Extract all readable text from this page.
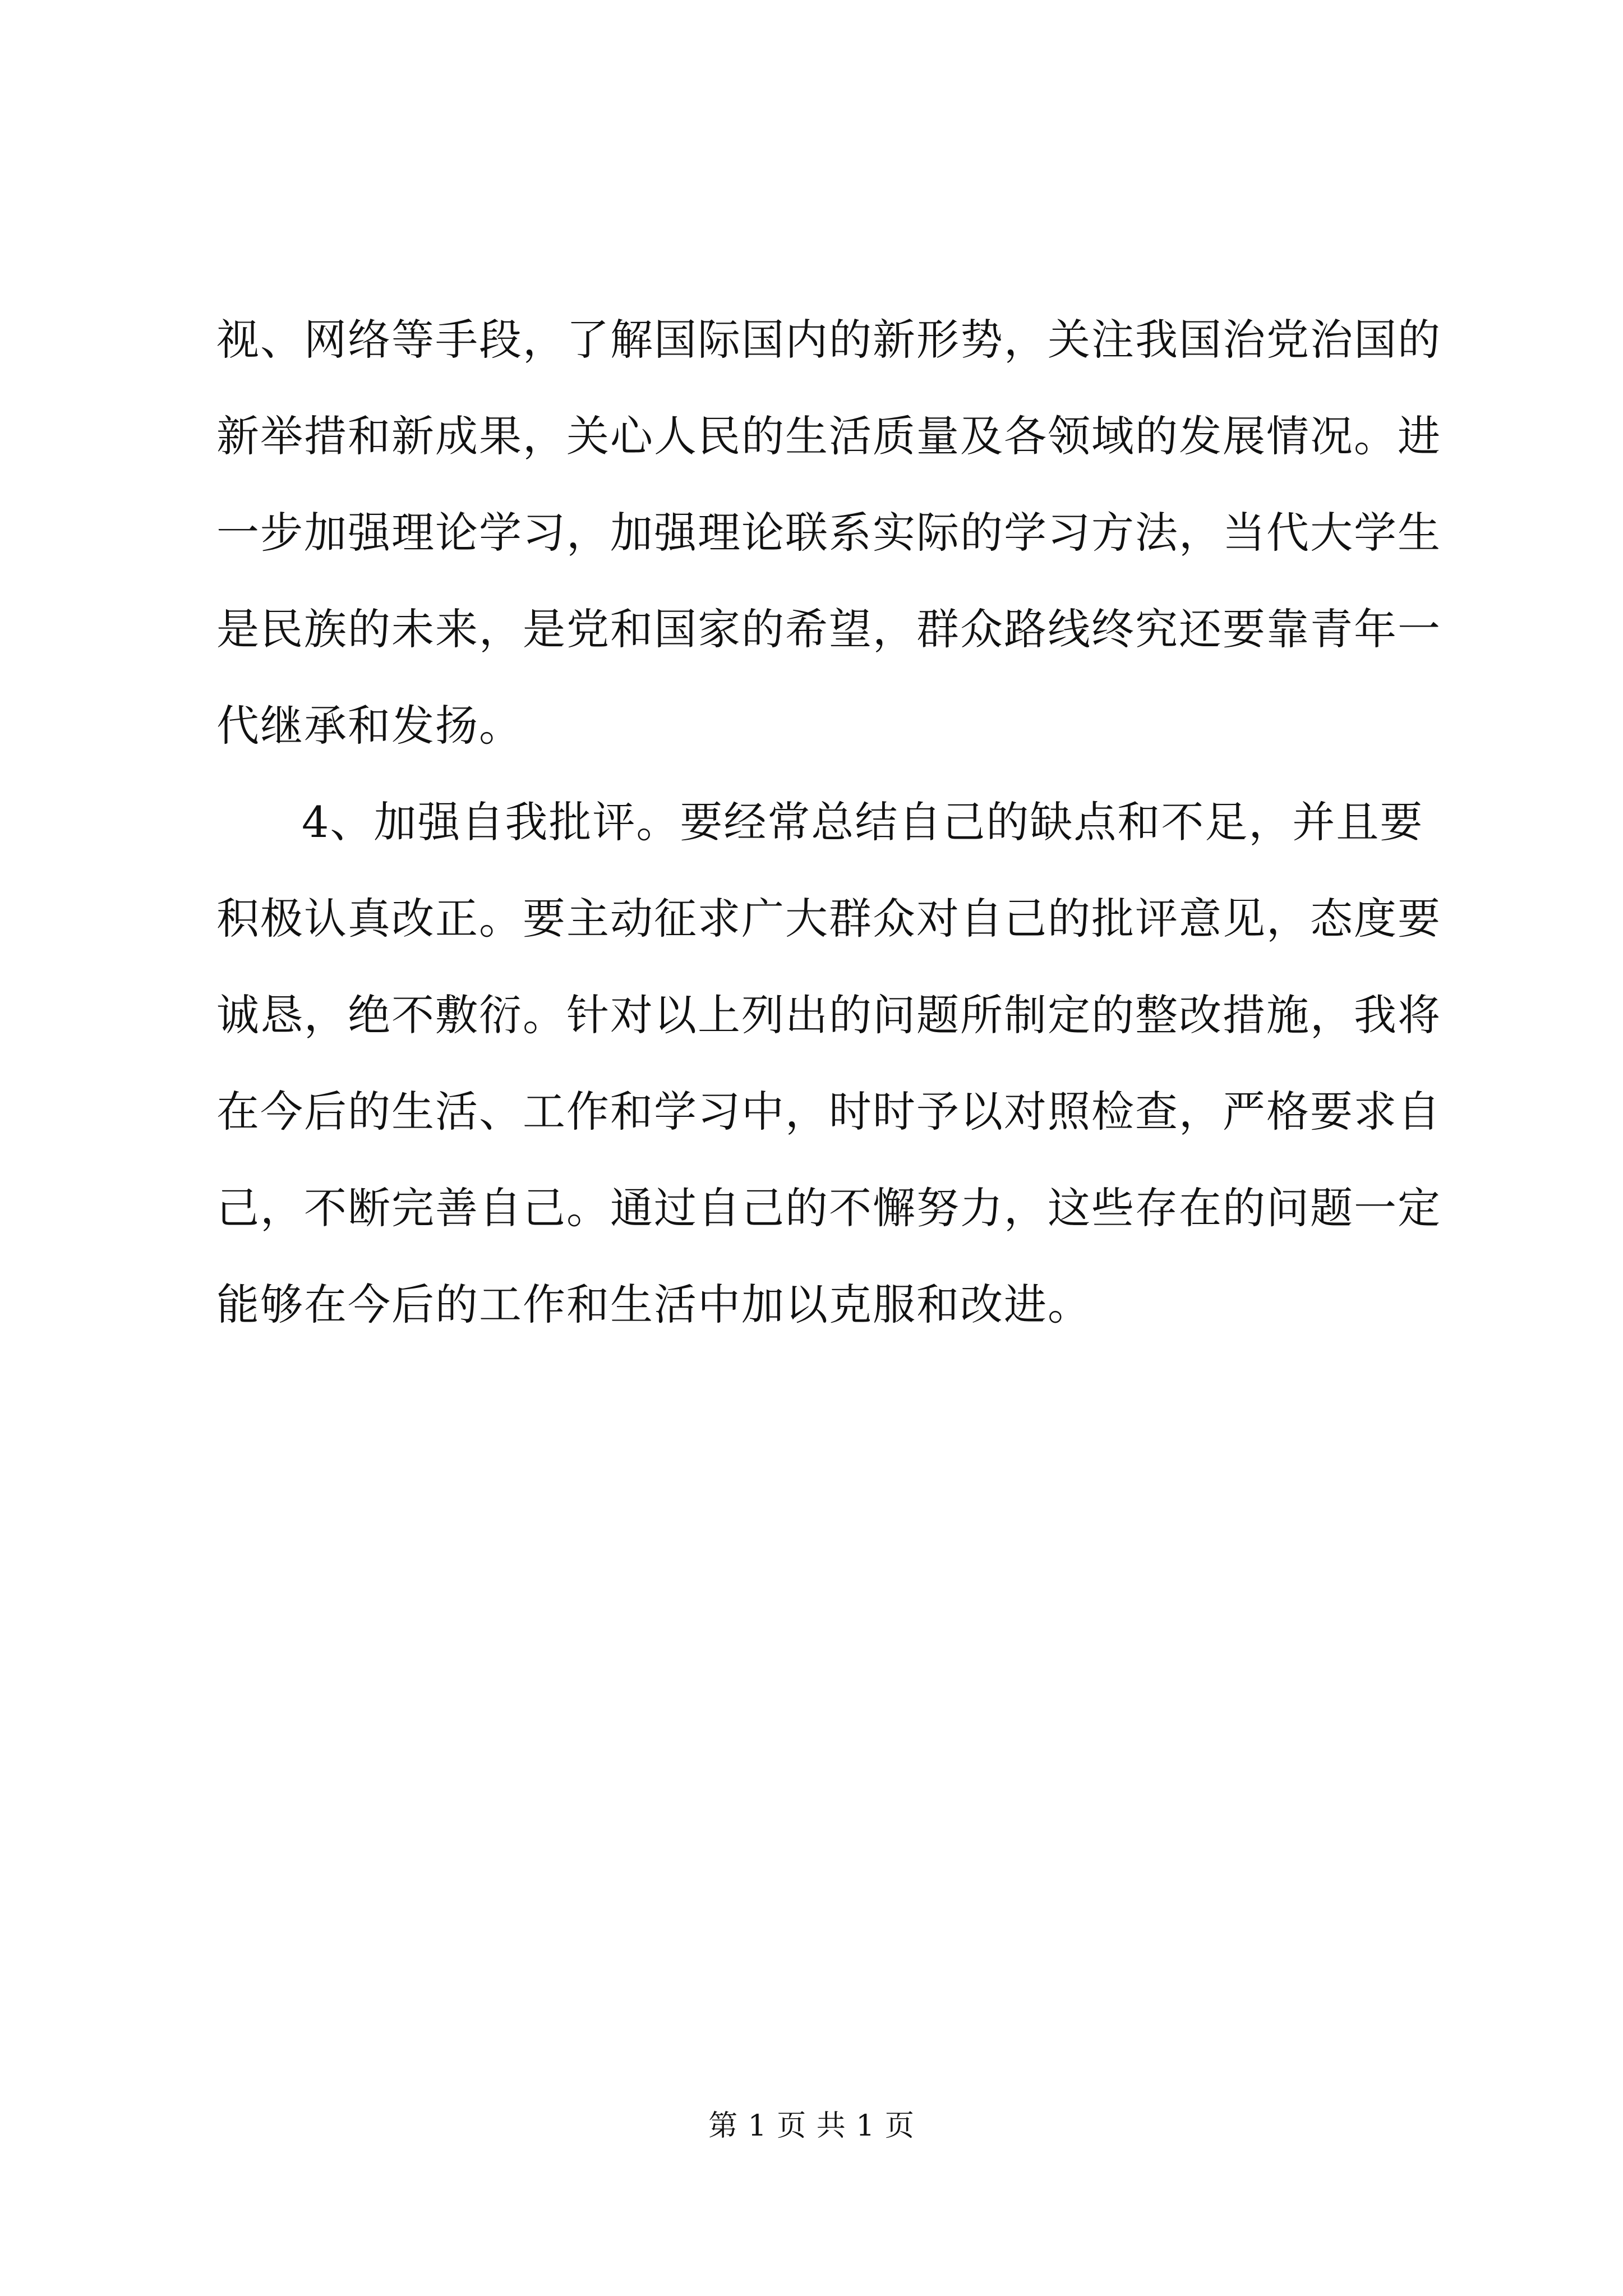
视、网络等手段，了解国际国内的新形势，关注我国治党治国的
新举措和新成果，关心人民的生活质量及各领域的发展情况。进
一步加强理论学习，加强理论联系实际的学习方法，当代大学生
是民族的未来，是党和国家的希望，群众路线终究还要靠青年一
代继承和发扬。
4、加强自我批评。要经常总结自己的缺点和不足，并且要
积极认真改正。要主动征求广大群众对自己的批评意见，态度要
诚恳，绝不敷衍。针对以上列出的问题所制定的整改措施，我将
在今后的生活、工作和学习中，时时予以对照检查，严格要求自
己，不断完善自己。通过自己的不懈努力，这些存在的问题一定
能够在今后的工作和生活中加以克服和改进。
第 1 页 共 1 页
